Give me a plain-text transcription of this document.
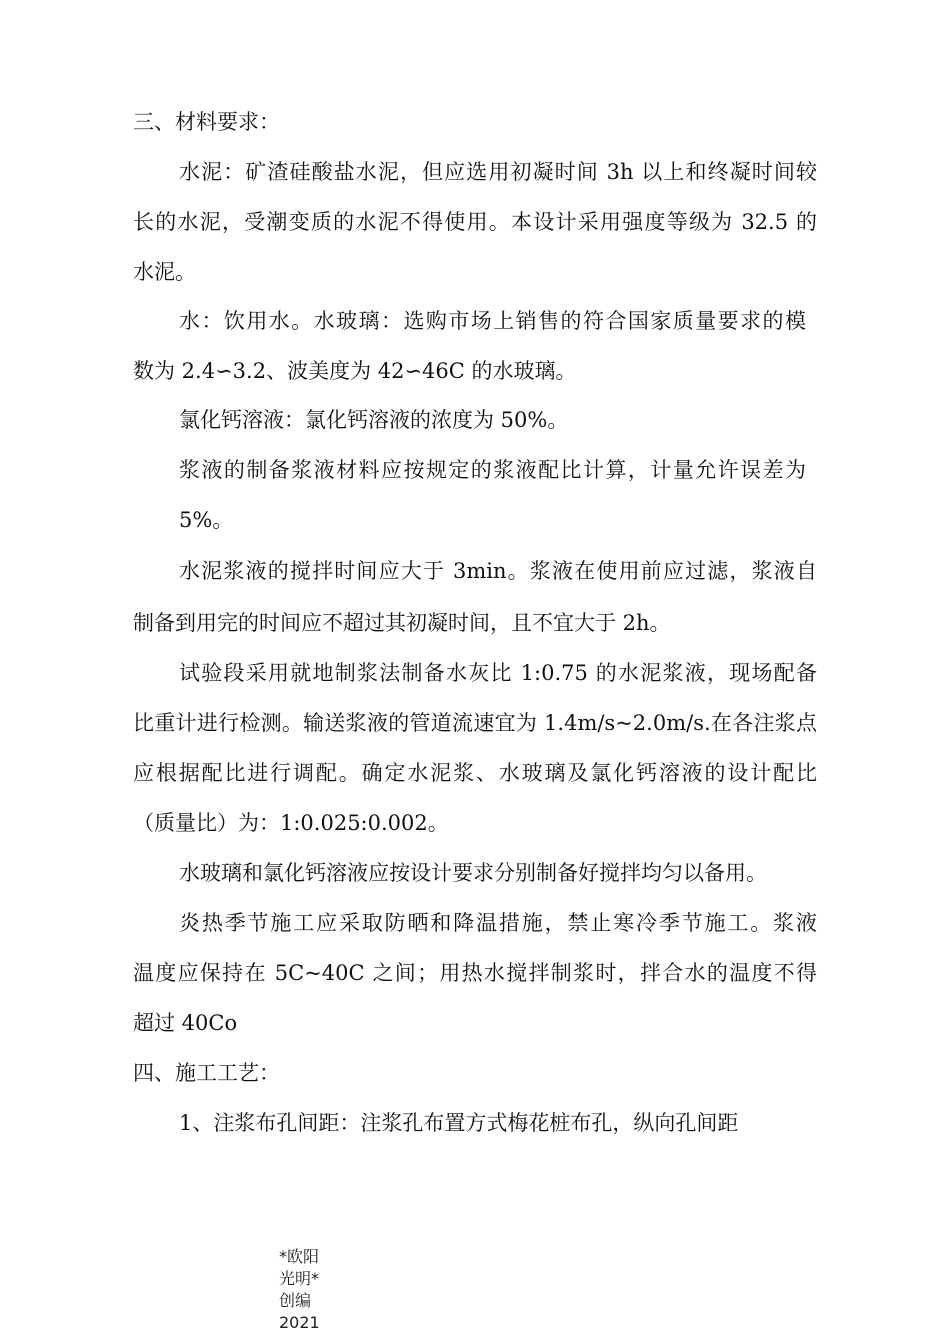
三、材料要求：
水泥：矿渣硅酸盐水泥，但应选用初凝时间 3h 以上和终凝时间较
长的水泥，受潮变质的水泥不得使用。本设计采用强度等级为 32.5 的
水泥。
水：饮用水。水玻璃：选购市场上销售的符合国家质量要求的模
数为 2.4∽3.2、波美度为 42∽46C 的水玻璃。
氯化钙溶液：氯化钙溶液的浓度为 50%。
浆液的制备浆液材料应按规定的浆液配比计算，计量允许误差为
5%。
水泥浆液的搅拌时间应大于 3min。浆液在使用前应过滤，浆液自
制备到用完的时间应不超过其初凝时间，且不宜大于 2h。
试验段采用就地制浆法制备水灰比 1:0.75 的水泥浆液，现场配备
比重计进行检测。输送浆液的管道流速宜为 1.4m/s~2.0m/s.在各注浆点
应根据配比进行调配。确定水泥浆、水玻璃及氯化钙溶液的设计配比
（质量比）为：1:0.025:0.002。
水玻璃和氯化钙溶液应按设计要求分别制备好搅拌均匀以备用。
炎热季节施工应采取防晒和降温措施，禁止寒冷季节施工。浆液
温度应保持在 5C~40C 之间；用热水搅拌制浆时，拌合水的温度不得
超过 40Co
四、施工工艺：
1、注浆布孔间距：注浆孔布置方式梅花桩布孔，纵向孔间距
*欧阳光明*创编 2021
